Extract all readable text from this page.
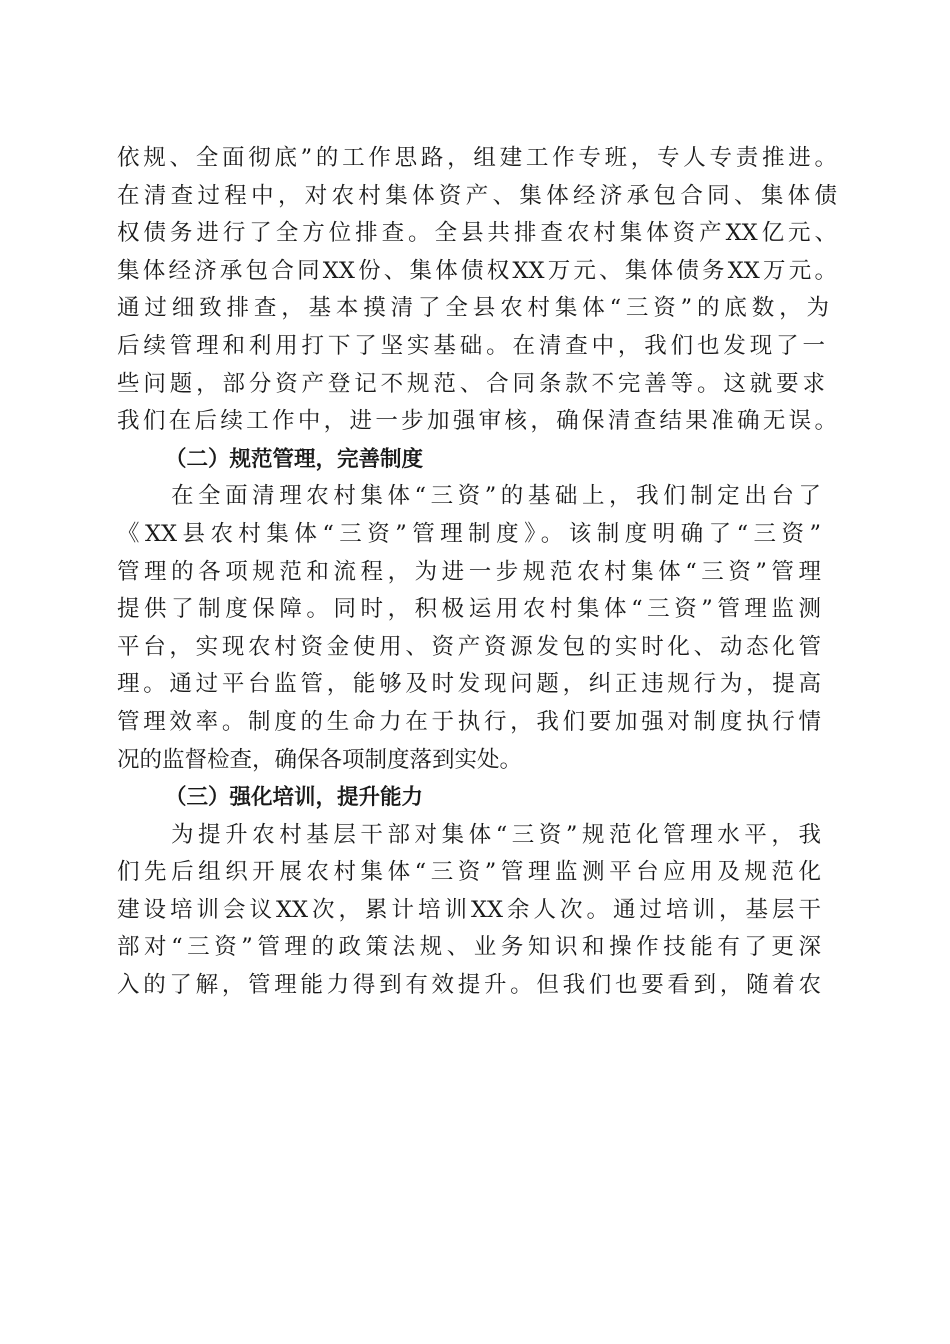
依规、全面彻底”的工作思路，组建工作专班，专人专责推进。
在清查过程中，对农村集体资产、集体经济承包合同、集体债
权债务进行了全方位排查。全县共排查农村集体资产XX亿元、
集体经济承包合同XX份、集体债权XX万元、集体债务XX万元。
通过细致排查，基本摸清了全县农村集体“三资”的底数，为
后续管理和利用打下了坚实基础。在清查中，我们也发现了一
些问题，部分资产登记不规范、合同条款不完善等。这就要求
我们在后续工作中，进一步加强审核，确保清查结果准确无误。
（二）规范管理，完善制度
在全面清理农村集体“三资”的基础上，我们制定出台了
《XX县农村集体“三资”管理制度》。该制度明确了“三资”
管理的各项规范和流程，为进一步规范农村集体“三资”管理
提供了制度保障。同时，积极运用农村集体“三资”管理监测
平台，实现农村资金使用、资产资源发包的实时化、动态化管
理。通过平台监管，能够及时发现问题，纠正违规行为，提高
管理效率。制度的生命力在于执行，我们要加强对制度执行情
况的监督检查，确保各项制度落到实处。
（三）强化培训，提升能力
为提升农村基层干部对集体“三资”规范化管理水平，我
们先后组织开展农村集体“三资”管理监测平台应用及规范化
建设培训会议XX次，累计培训XX余人次。通过培训，基层干
部对“三资”管理的政策法规、业务知识和操作技能有了更深
入的了解，管理能力得到有效提升。但我们也要看到，随着农
